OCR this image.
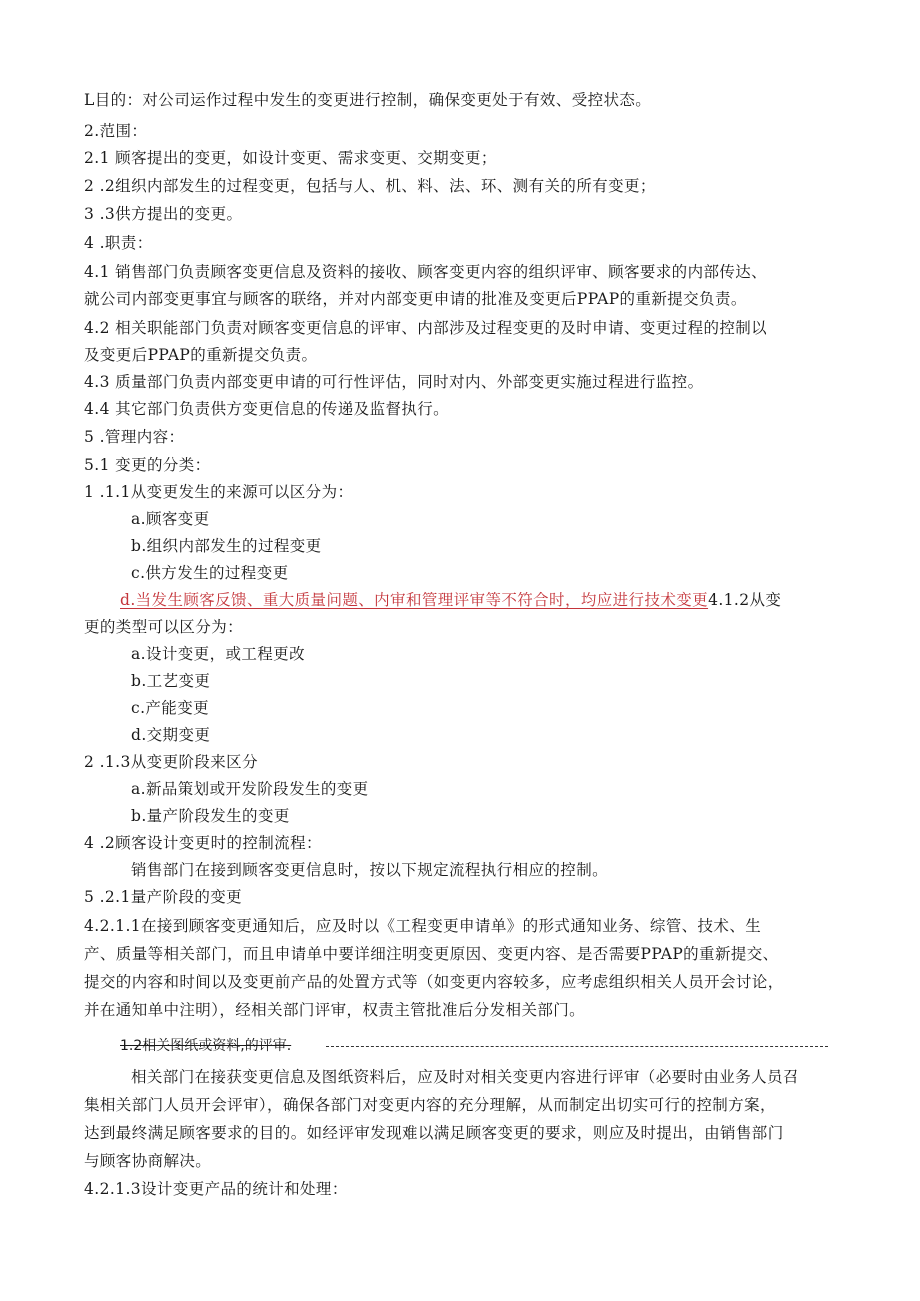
L目的：对公司运作过程中发生的变更进行控制，确保变更处于有效、受控状态。
2.范围：
2.1 顾客提出的变更，如设计变更、需求变更、交期变更；
2 .2组织内部发生的过程变更，包括与人、机、料、法、环、测有关的所有变更；
3 .3供方提出的变更。
4 .职责：
4.1 销售部门负责顾客变更信息及资料的接收、顾客变更内容的组织评审、顾客要求的内部传达、
就公司内部变更事宜与顾客的联络，并对内部变更申请的批准及变更后PPAP的重新提交负责。
4.2 相关职能部门负责对顾客变更信息的评审、内部涉及过程变更的及时申请、变更过程的控制以
及变更后PPAP的重新提交负责。
4.3 质量部门负责内部变更申请的可行性评估，同时对内、外部变更实施过程进行监控。
4.4 其它部门负责供方变更信息的传递及监督执行。
5 .管理内容：
5.1 变更的分类：
1 .1.1从变更发生的来源可以区分为：
a.顾客变更
b.组织内部发生的过程变更
c.供方发生的过程变更
d.当发生顾客反馈、重大质量问题、内审和管理评审等不符合时，均应进行技术变更4.1.2从变
更的类型可以区分为：
a.设计变更，或工程更改
b.工艺变更
c.产能变更
d.交期变更
2 .1.3从变更阶段来区分
a.新品策划或开发阶段发生的变更
b.量产阶段发生的变更
4 .2顾客设计变更时的控制流程：
销售部门在接到顾客变更信息时，按以下规定流程执行相应的控制。
5 .2.1量产阶段的变更
4.2.1.1在接到顾客变更通知后，应及时以《工程变更申请单》的形式通知业务、综管、技术、生
产、质量等相关部门，而且申请单中要详细注明变更原因、变更内容、是否需要PPAP的重新提交、
提交的内容和时间以及变更前产品的处置方式等（如变更内容较多，应考虑组织相关人员开会讨论，
并在通知单中注明），经相关部门评审，权责主管批准后分发相关部门。
1.2相关图纸或资料,的评审.
相关部门在接获变更信息及图纸资料后，应及时对相关变更内容进行评审（必要时由业务人员召
集相关部门人员开会评审），确保各部门对变更内容的充分理解，从而制定出切实可行的控制方案，
达到最终满足顾客要求的目的。如经评审发现难以满足顾客变更的要求，则应及时提出，由销售部门
与顾客协商解决。
4.2.1.3设计变更产品的统计和处理：
